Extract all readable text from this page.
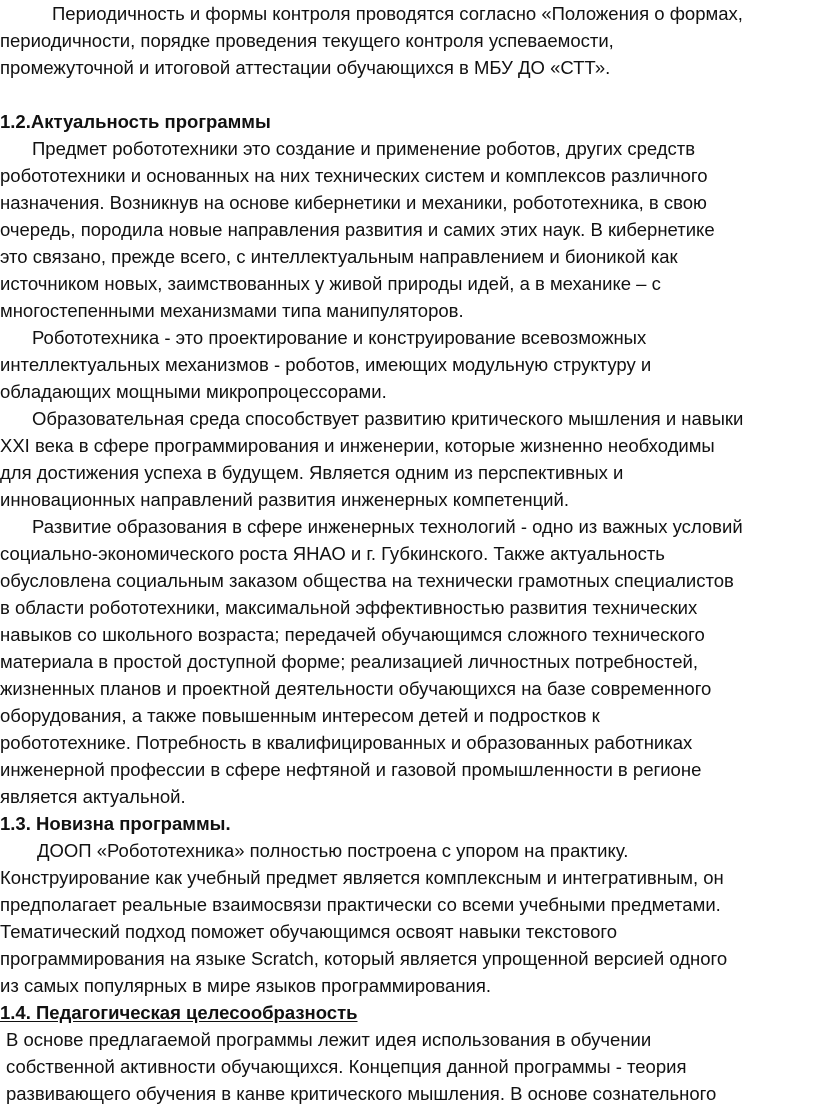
Периодичность и формы контроля проводятся согласно «Положения о формах,
периодичности, порядке проведения текущего контроля успеваемости,
промежуточной и итоговой аттестации обучающихся в МБУ ДО «СТТ».
1.2.Актуальность программы
Предмет робототехники это создание и применение роботов, других средств
робототехники и основанных на них технических систем и комплексов различного
назначения. Возникнув на основе кибернетики и механики, робототехника, в свою
очередь, породила новые направления развития и самих этих наук. В кибернетике
это связано, прежде всего, с интеллектуальным направлением и бионикой как
источником новых, заимствованных у живой природы идей, а в механике – с
многостепенными механизмами типа манипуляторов.
Робототехника - это проектирование и конструирование всевозможных
интеллектуальных механизмов - роботов, имеющих модульную структуру и
обладающих мощными микропроцессорами.
Образовательная среда способствует развитию критического мышления и навыки
XXI века в сфере программирования и инженерии, которые жизненно необходимы
для достижения успеха в будущем. Является одним из перспективных и
инновационных направлений развития инженерных компетенций.
Развитие образования в сфере инженерных технологий - одно из важных условий
социально-экономического роста ЯНАО и г. Губкинского. Также актуальность
обусловлена социальным заказом общества на технически грамотных специалистов
в области робототехники, максимальной эффективностью развития технических
навыков со школьного возраста; передачей обучающимся сложного технического
материала в простой доступной форме; реализацией личностных потребностей,
жизненных планов и проектной деятельности обучающихся на базе современного
оборудования, а также повышенным интересом детей и подростков к
робототехнике. Потребность в квалифицированных и образованных работниках
инженерной профессии в сфере нефтяной и газовой промышленности в регионе
является актуальной.
1.3. Новизна программы.
ДООП «Робототехника» полностью построена с упором на практику.
Конструирование как учебный предмет является комплексным и интегративным, он
предполагает реальные взаимосвязи практически со всеми учебными предметами.
Тематический подход поможет обучающимся освоят навыки текстового
программирования на языке Scratch, который является упрощенной версией одного
из самых популярных в мире языков программирования.
1.4. Педагогическая целесообразность
В основе предлагаемой программы лежит идея использования в обучении
собственной активности обучающихся. Концепция данной программы - теория
развивающего обучения в канве критического мышления. В основе сознательного
